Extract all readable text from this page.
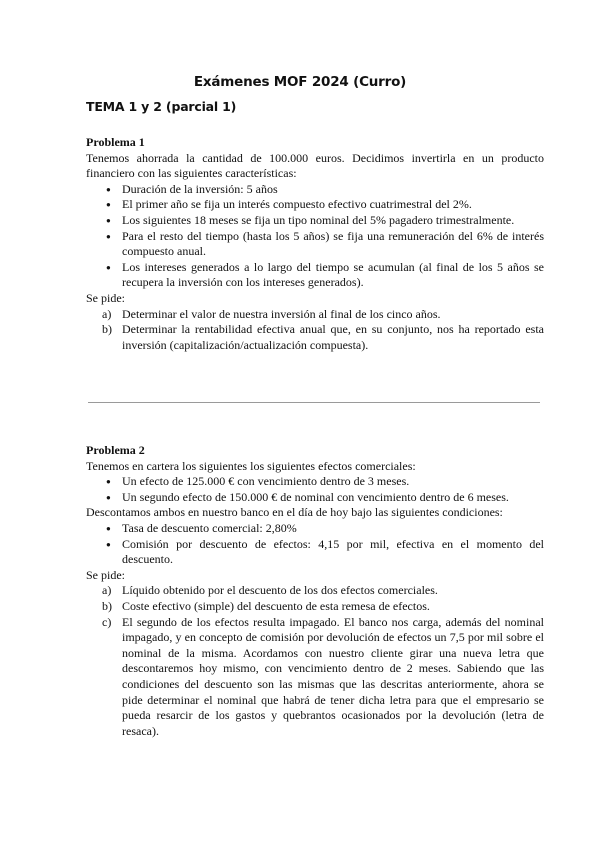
Exámenes MOF 2024 (Curro)
TEMA 1 y 2 (parcial 1)

Problema 1

Tenemos ahorrada la cantidad de 100.000 euros. Decidimos invertirla en un producto financiero con las siguientes características:

● Duración de la inversión: 5 años
● El primer año se fija un interés compuesto efectivo cuatrimestral del 2%.
● Los siguientes 18 meses se fija un tipo nominal del 5% pagadero trimestralmente.
● Para el resto del tiempo (hasta los 5 años) se fija una remuneración del 6% de interés compuesto anual.
● Los intereses generados a lo largo del tiempo se acumulan (al final de los 5 años se recupera la inversión con los intereses generados).

Se pide:

a) Determinar el valor de nuestra inversión al final de los cinco años.
b) Determinar la rentabilidad efectiva anual que, en su conjunto, nos ha reportado esta inversión (capitalización/actualización compuesta).

Problema 2

Tenemos en cartera los siguientes los siguientes efectos comerciales:

● Un efecto de 125.000 € con vencimiento dentro de 3 meses.
● Un segundo efecto de 150.000 € de nominal con vencimiento dentro de 6 meses.

Descontamos ambos en nuestro banco en el día de hoy bajo las siguientes condiciones:

● Tasa de descuento comercial: 2,80%
● Comisión por descuento de efectos: 4,15 por mil, efectiva en el momento del descuento.

Se pide:

a) Líquido obtenido por el descuento de los dos efectos comerciales.
b) Coste efectivo (simple) del descuento de esta remesa de efectos.
c) El segundo de los efectos resulta impagado. El banco nos carga, además del nominal impagado, y en concepto de comisión por devolución de efectos un 7,5 por mil sobre el nominal de la misma. Acordamos con nuestro cliente girar una nueva letra que descontaremos hoy mismo, con vencimiento dentro de 2 meses. Sabiendo que las condiciones del descuento son las mismas que las descritas anteriormente, ahora se pide determinar el nominal que habrá de tener dicha letra para que el empresario se pueda resarcir de los gastos y quebrantos ocasionados por la devolución (letra de resaca).
